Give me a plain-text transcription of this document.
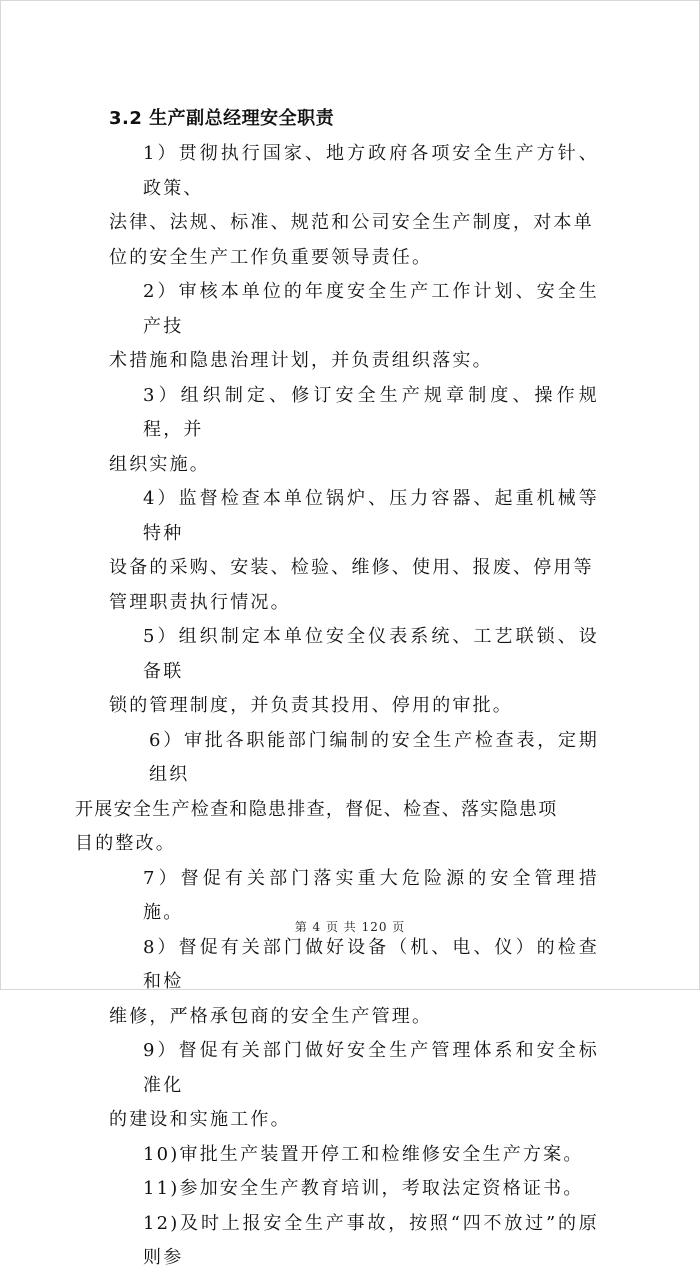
3.2 生产副总经理安全职责

1）贯彻执行国家、地方政府各项安全生产方针、政策、

法律、法规、标准、规范和公司安全生产制度，对本单

位的安全生产工作负重要领导责任。

2）审核本单位的年度安全生产工作计划、安全生产技

术措施和隐患治理计划，并负责组织落实。

3）组织制定、修订安全生产规章制度、操作规程，并

组织实施。

4）监督检查本单位锅炉、压力容器、起重机械等特种

设备的采购、安装、检验、维修、使用、报废、停用等

管理职责执行情况。

5）组织制定本单位安全仪表系统、工艺联锁、设备联

锁的管理制度，并负责其投用、停用的审批。

6）审批各职能部门编制的安全生产检查表，定期组织

开展安全生产检查和隐患排查，督促、检查、落实隐患项

目的整改。

7）督促有关部门落实重大危险源的安全管理措施。

8）督促有关部门做好设备（机、电、仪）的检查和检

维修，严格承包商的安全生产管理。

9）督促有关部门做好安全生产管理体系和安全标准化

的建设和实施工作。

10)审批生产装置开停工和检维修安全生产方案。

11)参加安全生产教育培训，考取法定资格证书。

12)及时上报安全生产事故，按照“四不放过”的原则参

第 4 页 共 120 页
